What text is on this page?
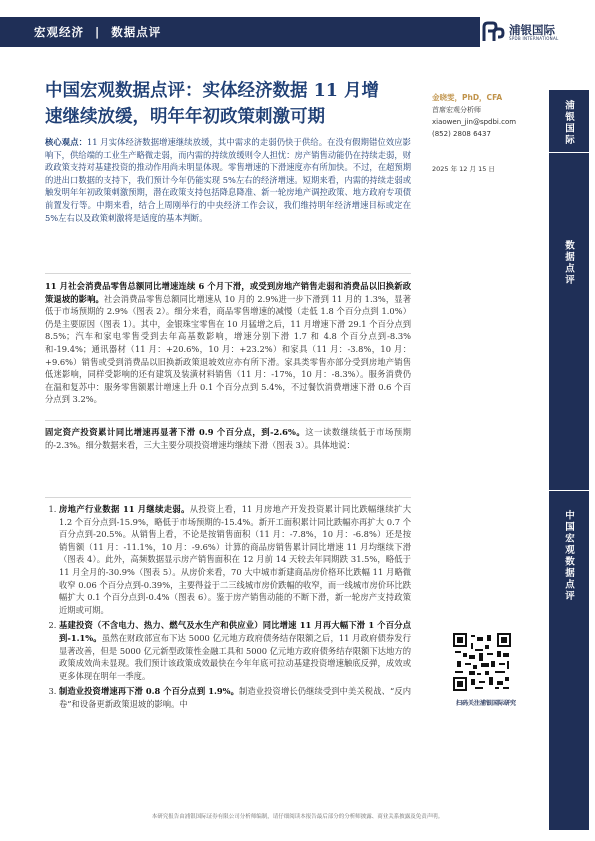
宏观经济 | 数据点评	浦银国际
SPDB INTERNATIONAL
中国宏观数据点评：实体经济数据 11 月增速继续放缓，明年年初政策刺激可期
金晓雯，PhD，CFA
首席宏观分析师
xiaowen_jin@spdbi.com
(852) 2808 6437
2025 年 12 月 15 日
浦银国际
数据点评
中国宏观数据点评
核心观点：11 月实体经济数据增速继续放缓，其中需求的走弱仍快于供给。在没有假期错位效应影响下，供给端的工业生产略微走弱，而内需的持续放缓则令人担忧：房产销售动能仍在持续走弱，财政政策支持对基建投资的推动作用尚未明显体现。零售增速的下滑速度亦有所加快。不过，在超预期的进出口数据的支持下，我们预计今年仍能实现 5%左右的经济增速。短期来看，内需的持续走弱或触发明年年初政策刺激预期，潜在政策支持包括降息降准、新一轮房地产调控政策、地方政府专项债前置发行等。中期来看，结合上周刚举行的中央经济工作会议，我们维持明年经济增速目标或定在 5%左右以及政策刺激将是适度的基本判断。
11 月社会消费品零售总额同比增速连续 6 个月下滑，或受到房地产销售走弱和消费品以旧换新政策退坡的影响。社会消费品零售总额同比增速从 10 月的 2.9%进一步下滑到 11 月的 1.3%，显著低于市场预期的 2.9%（图表 2）。细分来看，商品零售增速的减慢（走低 1.8 个百分点到 1.0%）仍是主要原因（图表 1）。其中，金银珠宝零售在 10 月猛增之后，11 月增速下滑 29.1 个百分点到 8.5%；汽车和家电零售受到去年高基数影响，增速分别下滑 1.7 和 4.8 个百分点到-8.3%和-19.4%；通讯器材（11 月：+20.6%，10 月：+23.2%）和家具（11 月：-3.8%，10 月：+9.6%）销售或受到消费品以旧换新政策退坡效应亦有所下滑。家具类零售亦部分受到房地产销售低迷影响，同样受影响的还有建筑及装潢材料销售（11 月：-17%，10 月：-8.3%）。服务消费仍在温和复苏中：服务零售额累计增速上升 0.1 个百分点到 5.4%，不过餐饮消费增速下滑 0.6 个百分点到 3.2%。
固定资产投资累计同比增速再显著下滑 0.9 个百分点，到-2.6%。这一读数继续低于市场预期的-2.3%。细分数据来看，三大主要分项投资增速均继续下滑（图表 3）。具体地说：
1. 房地产行业数据 11 月继续走弱。从投资上看，11 月房地产开发投资累计同比跌幅继续扩大 1.2 个百分点到-15.9%，略低于市场预期的-15.4%。新开工面积累计同比跌幅亦再扩大 0.7 个百分点到-20.5%。从销售上看，不论是按销售面积（11 月：-7.8%，10 月：-6.8%）还是按销售额（11 月：-11.1%，10 月：-9.6%）计算的商品房销售累计同比增速 11 月均继续下滑（图表 4）。此外，高频数据显示房产销售面积在 12 月前 14 天较去年同期跌 31.5%，略低于 11 月全月的-30.9%（图表 5）。从房价来看，70 大中城市新建商品房价格环比跌幅 11 月略微收窄 0.06 个百分点到-0.39%，主要得益于二三线城市房价跌幅的收窄，而一线城市房价环比跌幅扩大 0.1 个百分点到-0.4%（图表 6）。鉴于房产销售动能的不断下滑，新一轮房产支持政策近期或可期。
2. 基建投资（不含电力、热力、燃气及水生产和供应业）同比增速 11 月再大幅下滑 1 个百分点到-1.1%。虽然在财政部宣布下达 5000 亿元地方政府债务结存限额之后，11 月政府债券发行显著改善，但是 5000 亿元新型政策性金融工具和 5000 亿元地方政府债务结存限额下达地方的政策成效尚未显现。我们预计该政策成效最快在今年年底可拉动基建投资增速触底反弹，成效或更多体现在明年一季度。
3. 制造业投资增速再下滑 0.8 个百分点到 1.9%。制造业投资增长仍继续受到中美关税战、“反内卷”和设备更新政策退坡的影响。中	扫码关注浦银国际研究
本研究报告由浦银国际证券有限公司分析师编制，请仔细阅读本报告最后部分的分析师披露、商业关系披露及免责声明。
